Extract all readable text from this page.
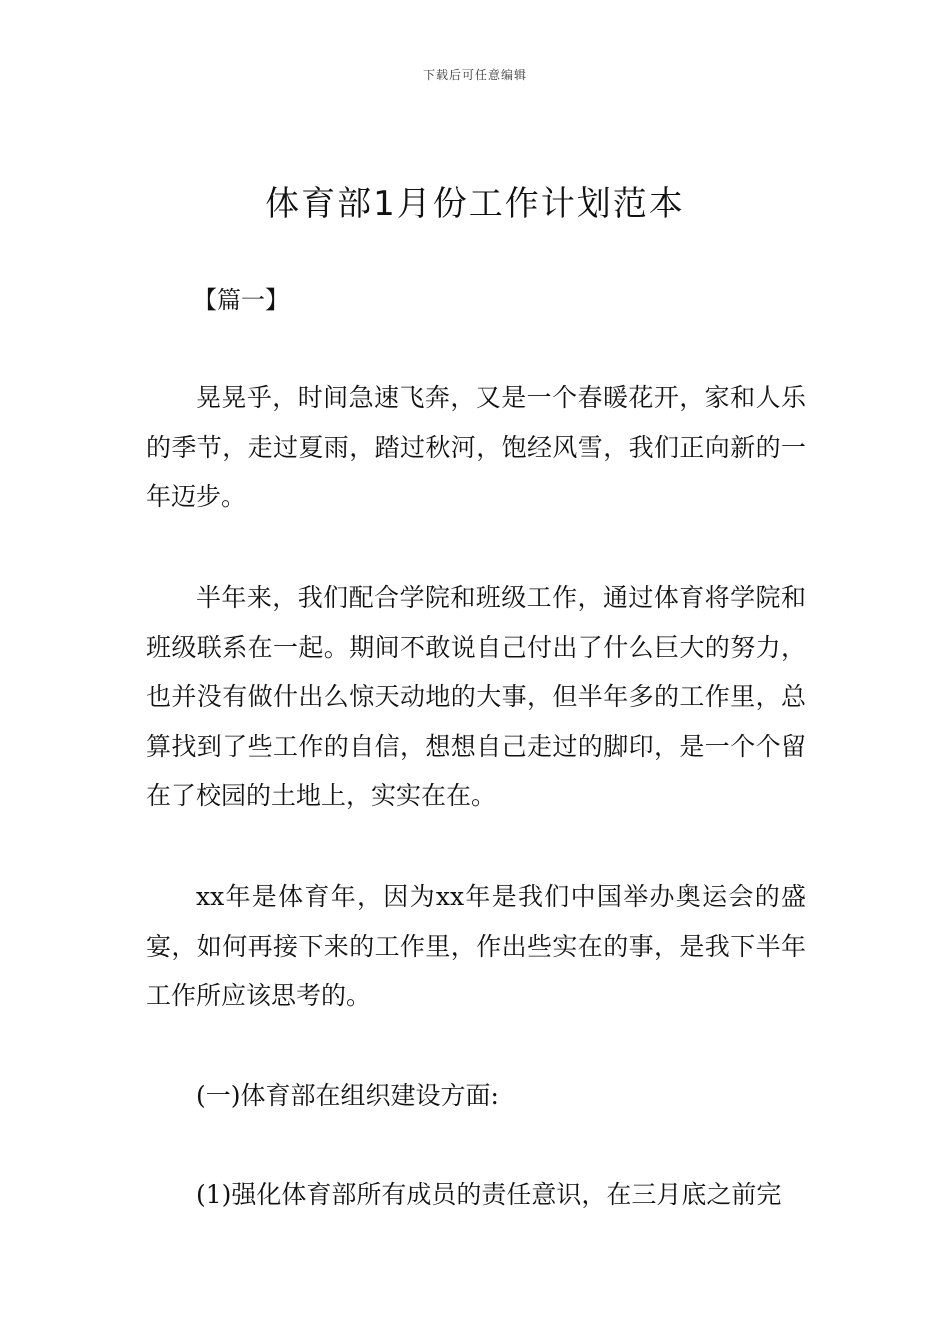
下载后可任意编辑
体育部1月份工作计划范本
【篇一】

晃晃乎，时间急速飞奔，又是一个春暖花开，家和人乐的季节，走过夏雨，踏过秋河，饱经风雪，我们正向新的一年迈步。

半年来，我们配合学院和班级工作，通过体育将学院和班级联系在一起。期间不敢说自己付出了什么巨大的努力，也并没有做什出么惊天动地的大事，但半年多的工作里，总算找到了些工作的自信，想想自己走过的脚印，是一个个留在了校园的土地上，实实在在。

xx年是体育年，因为xx年是我们中国举办奥运会的盛宴，如何再接下来的工作里，作出些实在的事，是我下半年工作所应该思考的。

(一)体育部在组织建设方面:

(1)强化体育部所有成员的责任意识，在三月底之前完
